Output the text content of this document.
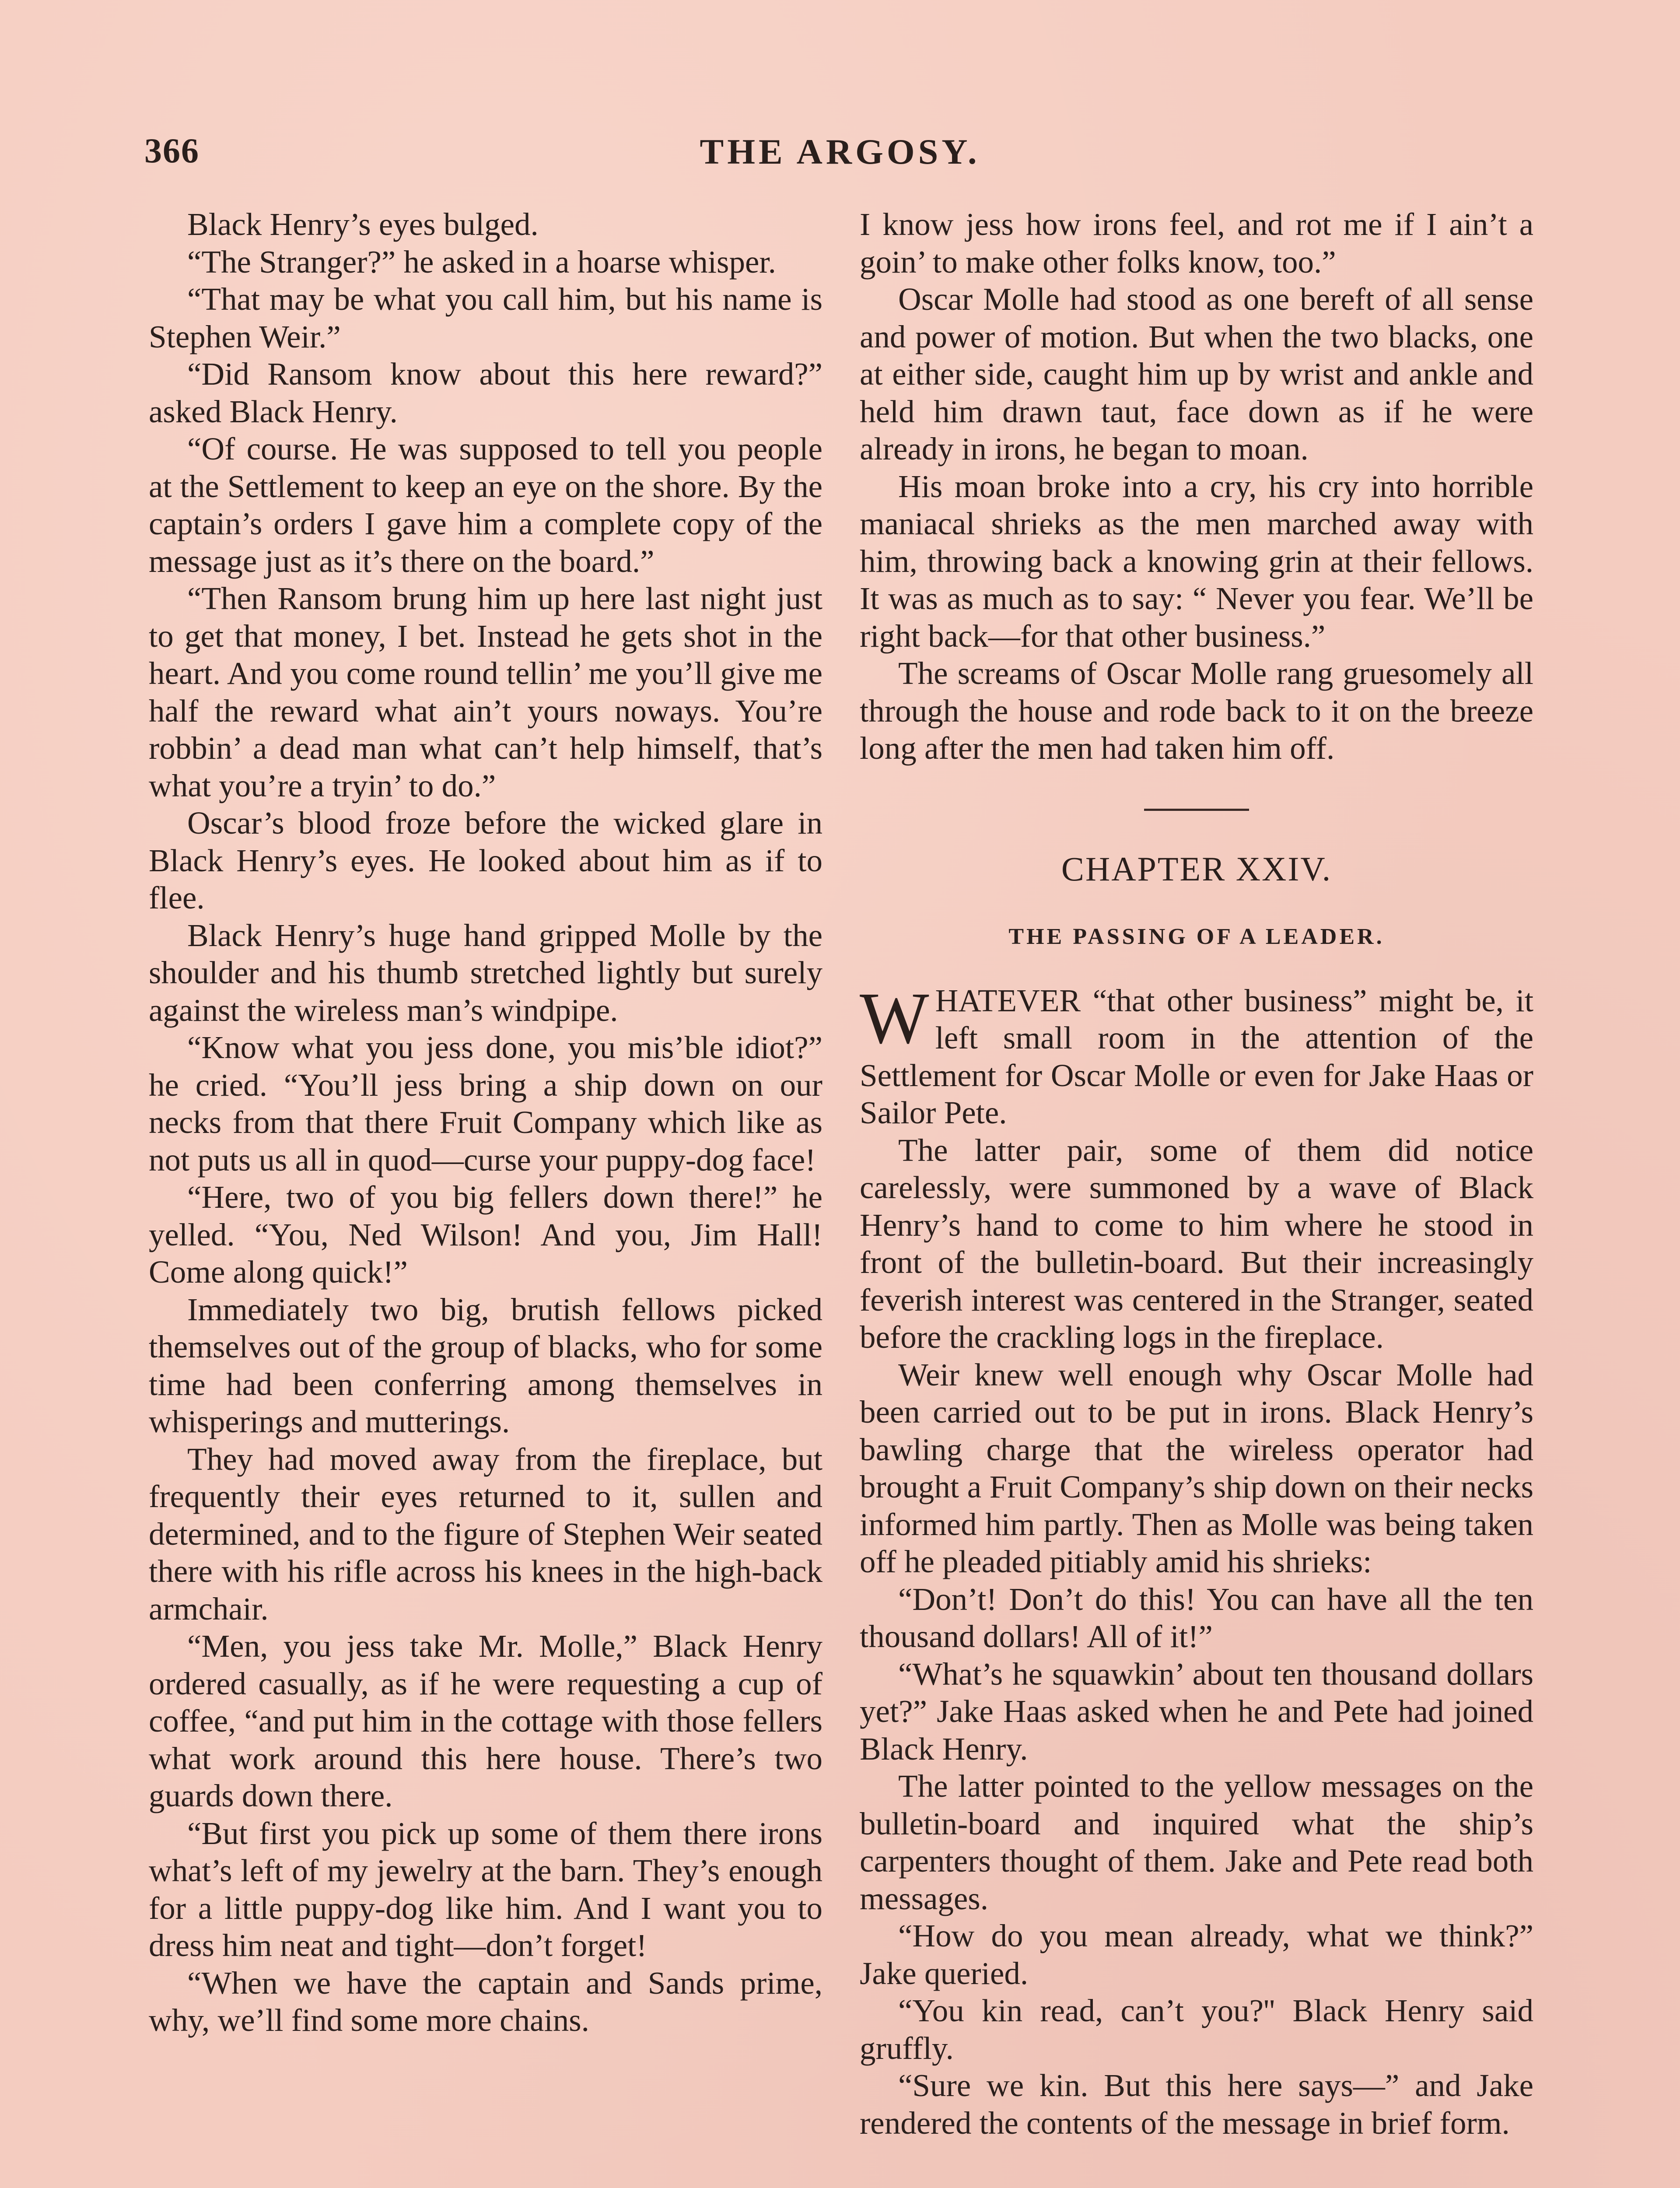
366	THE ARGOSY.

Black Henry’s eyes bulged.

“The Stranger?” he asked in a hoarse whisper.

“That may be what you call him, but his name is Stephen Weir.”

“Did Ransom know about this here reward?” asked Black Henry.

“Of course. He was supposed to tell you people at the Settlement to keep an eye on the shore. By the captain’s orders I gave him a complete copy of the message just as it’s there on the board.”

“Then Ransom brung him up here last night just to get that money, I bet. Instead he gets shot in the heart. And you come round tellin’ me you’ll give me half the reward what ain’t yours noways. You’re robbin’ a dead man what can’t help himself, that’s what you’re a tryin’ to do.”

Oscar’s blood froze before the wicked glare in Black Henry’s eyes. He looked about him as if to flee.

Black Henry’s huge hand gripped Molle by the shoulder and his thumb stretched lightly but surely against the wireless man’s windpipe.

“Know what you jess done, you mis’ble idiot?” he cried. “You’ll jess bring a ship down on our necks from that there Fruit Company which like as not puts us all in quod—curse your puppy-dog face!

“Here, two of you big fellers down there!” he yelled. “You, Ned Wilson! And you, Jim Hall! Come along quick!”

Immediately two big, brutish fellows picked themselves out of the group of blacks, who for some time had been conferring among themselves in whisperings and mutterings.

They had moved away from the fireplace, but frequently their eyes returned to it, sullen and determined, and to the figure of Stephen Weir seated there with his rifle across his knees in the high-back armchair.

“Men, you jess take Mr. Molle,” Black Henry ordered casually, as if he were requesting a cup of coffee, “and put him in the cottage with those fellers what work around this here house. There’s two guards down there.

“But first you pick up some of them there irons what’s left of my jewelry at the barn. They’s enough for a little puppy-dog like him. And I want you to dress him neat and tight—don’t forget!

“When we have the captain and Sands prime, why, we’ll find some more chains.

I know jess how irons feel, and rot me if I ain’t a goin’ to make other folks know, too.”

Oscar Molle had stood as one bereft of all sense and power of motion. But when the two blacks, one at either side, caught him up by wrist and ankle and held him drawn taut, face down as if he were already in irons, he began to moan.

His moan broke into a cry, his cry into horrible maniacal shrieks as the men marched away with him, throwing back a knowing grin at their fellows. It was as much as to say: “ Never you fear. We’ll be right back—for that other business.”

The screams of Oscar Molle rang gruesomely all through the house and rode back to it on the breeze long after the men had taken him off.

CHAPTER XXIV.
THE PASSING OF A LEADER.

WHATEVER “that other business” might be, it left small room in the attention of the Settlement for Oscar Molle or even for Jake Haas or Sailor Pete.

The latter pair, some of them did notice carelessly, were summoned by a wave of Black Henry’s hand to come to him where he stood in front of the bulletin-board. But their increasingly feverish interest was centered in the Stranger, seated before the crackling logs in the fireplace.

Weir knew well enough why Oscar Molle had been carried out to be put in irons. Black Henry’s bawling charge that the wireless operator had brought a Fruit Company’s ship down on their necks informed him partly. Then as Molle was being taken off he pleaded pitiably amid his shrieks:

“Don’t! Don’t do this! You can have all the ten thousand dollars! All of it!”

“What’s he squawkin’ about ten thousand dollars yet?” Jake Haas asked when he and Pete had joined Black Henry.

The latter pointed to the yellow messages on the bulletin-board and inquired what the ship’s carpenters thought of them. Jake and Pete read both messages.

“How do you mean already, what we think?” Jake queried.

“You kin read, can’t you?'' Black Henry said gruffly.

“Sure we kin. But this here says—” and Jake rendered the contents of the message in brief form.
